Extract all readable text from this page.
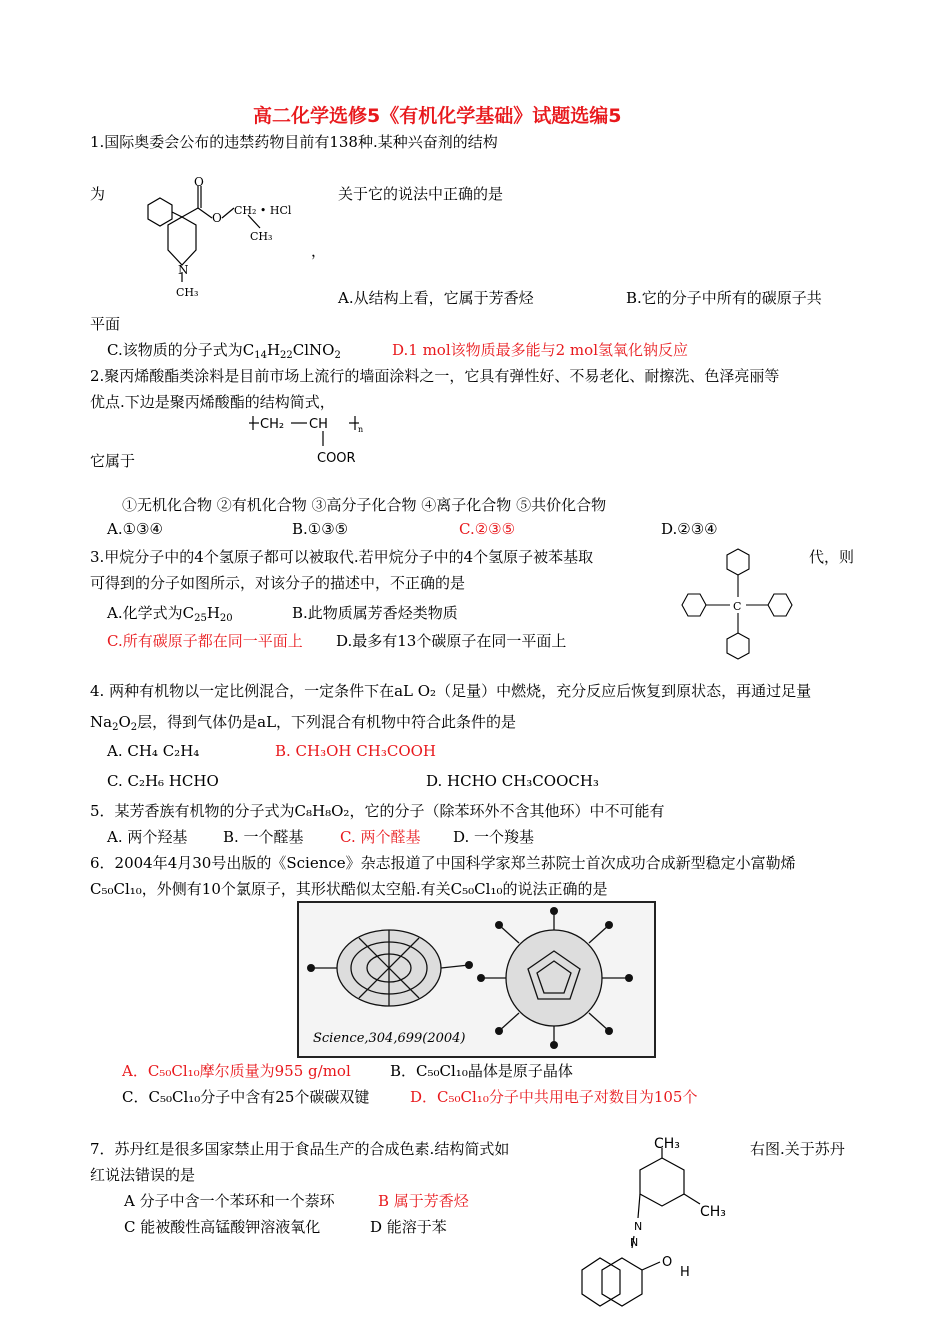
高二化学选修5《有机化学基础》试题选编5
1.国际奥委会公布的违禁药物目前有138种.某种兴奋剂的结构
为
O
O
CH₂ • HCl
CH₃
N
CH₃
，
关于它的说法中正确的是
A.从结构上看，它属于芳香烃	B.它的分子中所有的碳原子共
平面
C.该物质的分子式为$C_{14}H_{22}ClNO_2$	D.1 mol该物质最多能与2 mol氢氧化钠反应
2.聚丙烯酸酯类涂料是目前市场上流行的墙面涂料之一，它具有弹性好、不易老化、耐擦洗、色泽亮丽等
优点.下边是聚丙烯酸酯的结构简式，
CH₂ CH	n
COOR
它属于
①无机化合物 ②有机化合物 ③高分子化合物 ④离子化合物 ⑤共价化合物
A.①③④	B.①③⑤	C.②③⑤	D.②③④
3.甲烷分子中的4个氢原子都可以被取代.若甲烷分子中的4个氢原子被苯基取	代，则
可得到的分子如图所示，对该分子的描述中，不正确的是
A.化学式为$C_{25}H_{20}$	B.此物质属芳香烃类物质
C.所有碳原子都在同一平面上 D.最多有13个碳原子在同一平面上
C
4. 两种有机物以一定比例混合，一定条件下在aL O₂（足量）中燃烧，充分反应后恢复到原状态，再通过足量
$Na_2O_2$层，得到气体仍是aL，下列混合有机物中符合此条件的是
A. CH₄ C₂H₄	B. CH₃OH CH₃COOH
C. C₂H₆ HCHO	D. HCHO CH₃COOCH₃
5．某芳香族有机物的分子式为C₈H₈O₂，它的分子（除苯环外不含其他环）中不可能有
A. 两个羟基 B. 一个醛基 C. 两个醛基 D. 一个羧基
6．2004年4月30号出版的《Science》杂志报道了中国科学家郑兰荪院士首次成功合成新型稳定小富勒烯
C₅₀Cl₁₀，外侧有10个氯原子，其形状酷似太空船.有关C₅₀Cl₁₀的说法正确的是
Science,304,699(2004)
A．C₅₀Cl₁₀摩尔质量为955 g/mol	B．C₅₀Cl₁₀晶体是原子晶体
C．C₅₀Cl₁₀分子中含有25个碳碳双键	D．C₅₀Cl₁₀分子中共用电子对数目为105个
7．苏丹红是很多国家禁止用于食品生产的合成色素.结构简式如	右图.关于苏丹
红说法错误的是
A 分子中含一个苯环和一个萘环	B 属于芳香烃
C 能被酸性高锰酸钾溶液氧化	D 能溶于苯
CH₃
CH₃
N
N
O
H
